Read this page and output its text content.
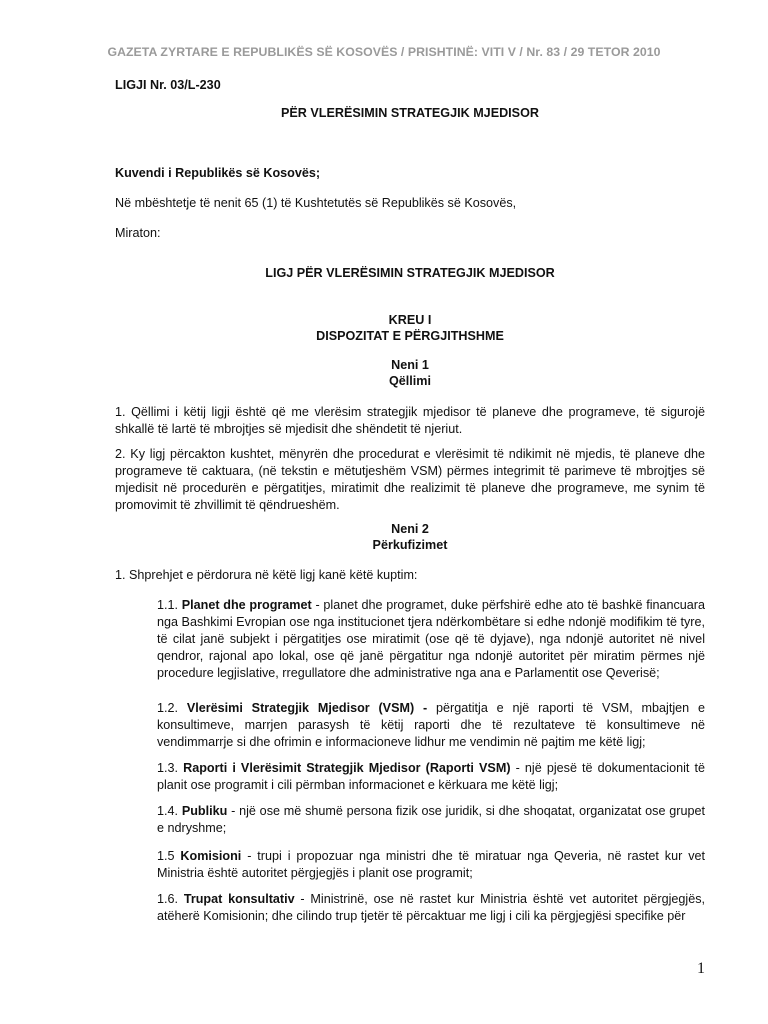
GAZETA ZYRTARE E REPUBLIKËS SË KOSOVËS / PRISHTINË: VITI V / Nr. 83 / 29 TETOR 2010
LIGJI Nr. 03/L-230
PËR VLERËSIMIN STRATEGJIK MJEDISOR
Kuvendi i Republikës së Kosovës;
Në mbështetje të nenit 65 (1) të Kushtetutës së Republikës së Kosovës,
Miraton:
LIGJ PËR VLERËSIMIN STRATEGJIK MJEDISOR
KREU I
DISPOZITAT E PËRGJITHSHME
Neni 1
Qëllimi

1. Qëllimi i këtij ligji është që me vlerësim strategjik mjedisor të planeve dhe programeve, të sigurojë shkallë të lartë të mbrojtjes së mjedisit dhe shëndetit të njeriut.

2. Ky ligj përcakton kushtet, mënyrën dhe procedurat e vlerësimit të ndikimit në mjedis, të planeve dhe programeve të caktuara, (në tekstin e mëtutjeshëm VSM) përmes integrimit të parimeve të mbrojtjes së mjedisit në procedurën e përgatitjes, miratimit dhe realizimit të planeve dhe programeve, me synim të promovimit të zhvillimit të qëndrueshëm.

Neni 2
Përkufizimet
1. Shprehjet e përdorura në këtë ligj kanë këtë kuptim:

1.1. Planet dhe programet - planet dhe programet, duke përfshirë edhe ato të bashkë financuara nga Bashkimi Evropian ose nga institucionet tjera ndërkombëtare si edhe ndonjë modifikim të tyre, të cilat janë subjekt i përgatitjes ose miratimit (ose që të dyjave), nga ndonjë autoritet në nivel qendror, rajonal apo lokal, ose që janë përgatitur nga ndonjë autoritet për miratim përmes një procedure legjislative, rregullatore dhe administrative nga ana e Parlamentit ose Qeverisë;

1.2. Vlerësimi Strategjik Mjedisor (VSM) - përgatitja e një raporti të VSM, mbajtjen e konsultimeve, marrjen parasysh të këtij raporti dhe të rezultateve të konsultimeve në vendimmarrje si dhe ofrimin e informacioneve lidhur me vendimin në pajtim me këtë ligj;

1.3. Raporti i Vlerësimit Strategjik Mjedisor (Raporti VSM) - një pjesë të dokumentacionit të planit ose programit i cili përmban informacionet e kërkuara me këtë ligj;

1.4. Publiku - një ose më shumë persona fizik ose juridik, si dhe shoqatat, organizatat ose grupet e ndryshme;

1.5 Komisioni - trupi i propozuar nga ministri dhe të miratuar nga Qeveria, në rastet kur vet Ministria është autoritet përgjegjës i planit ose programit;

1.6. Trupat konsultativ - Ministrinë, ose në rastet kur Ministria është vet autoritet përgjegjës, atëherë Komisionin; dhe cilindo trup tjetër të përcaktuar me ligj i cili ka përgjegjësi specifike për

1
